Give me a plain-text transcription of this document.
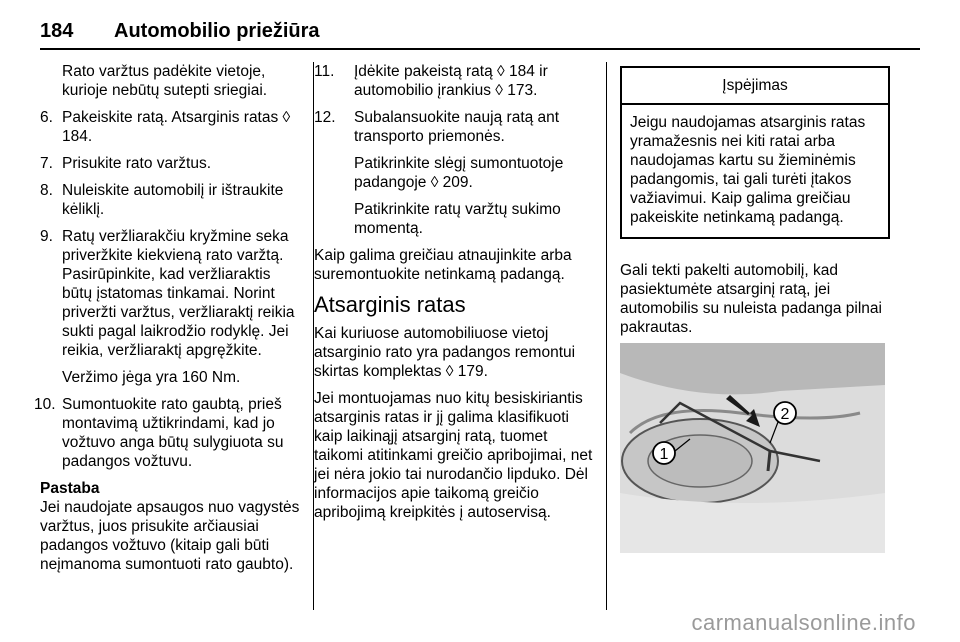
184 Automobilio priežiūra
Rato varžtus padėkite vietoje, kurioje nebūtų sutepti sriegiai.
6. Pakeiskite ratą. Atsarginis ratas ◊ 184.
7. Prisukite rato varžtus.
8. Nuleiskite automobilį ir ištraukite kėliklį.
9. Ratų veržliarakčiu kryžmine seka priveržkite kiekvieną rato varžtą. Pasirūpinkite, kad veržliaraktis būtų įstatomas tinkamai. Norint priveržti varžtus, veržliaraktį reikia sukti pagal laikrodžio rodyklę. Jei reikia, veržliaraktį apgręžkite.
Veržimo jėga yra 160 Nm.
10. Sumontuokite rato gaubtą, prieš montavimą užtikrindami, kad jo vožtuvo anga būtų sulygiuota su padangos vožtuvu.
Pastaba
Jei naudojate apsaugos nuo vagystės varžtus, juos prisukite arčiausiai padangos vožtuvo (kitaip gali būti neįmanoma sumontuoti rato gaubto).
11. Įdėkite pakeistą ratą ◊ 184 ir automobilio įrankius ◊ 173.
12. Subalansuokite naują ratą ant transporto priemonės.
Patikrinkite slėgį sumontuotoje padangoje ◊ 209.
Patikrinkite ratų varžtų sukimo momentą.

Kaip galima greičiau atnaujinkite arba suremontuokite netinkamą padangą.

Atsarginis ratas

Kai kuriuose automobiliuose vietoj atsarginio rato yra padangos remontui skirtas komplektas ◊ 179.

Jei montuojamas nuo kitų besiskiriantis atsarginis ratas ir jį galima klasifikuoti kaip laikinąjį atsarginį ratą, tuomet taikomi atitinkami greičio apribojimai, net jei nėra jokio tai nurodančio lipduko. Dėl informacijos apie taikomą greičio apribojimą kreipkitės į autoservisą.

Įspėjimas
Jeigu naudojamas atsarginis ratas yramažesnis nei kiti ratai arba naudojamas kartu su žieminėmis padangomis, tai gali turėti įtakos važiavimui. Kaip galima greičiau pakeiskite netinkamą padangą.

Gali tekti pakelti automobilį, kad pasiektumėte atsarginį ratą, jei automobilis su nuleista padanga pilnai pakrautas.

1
2
carmanualsonline.info
